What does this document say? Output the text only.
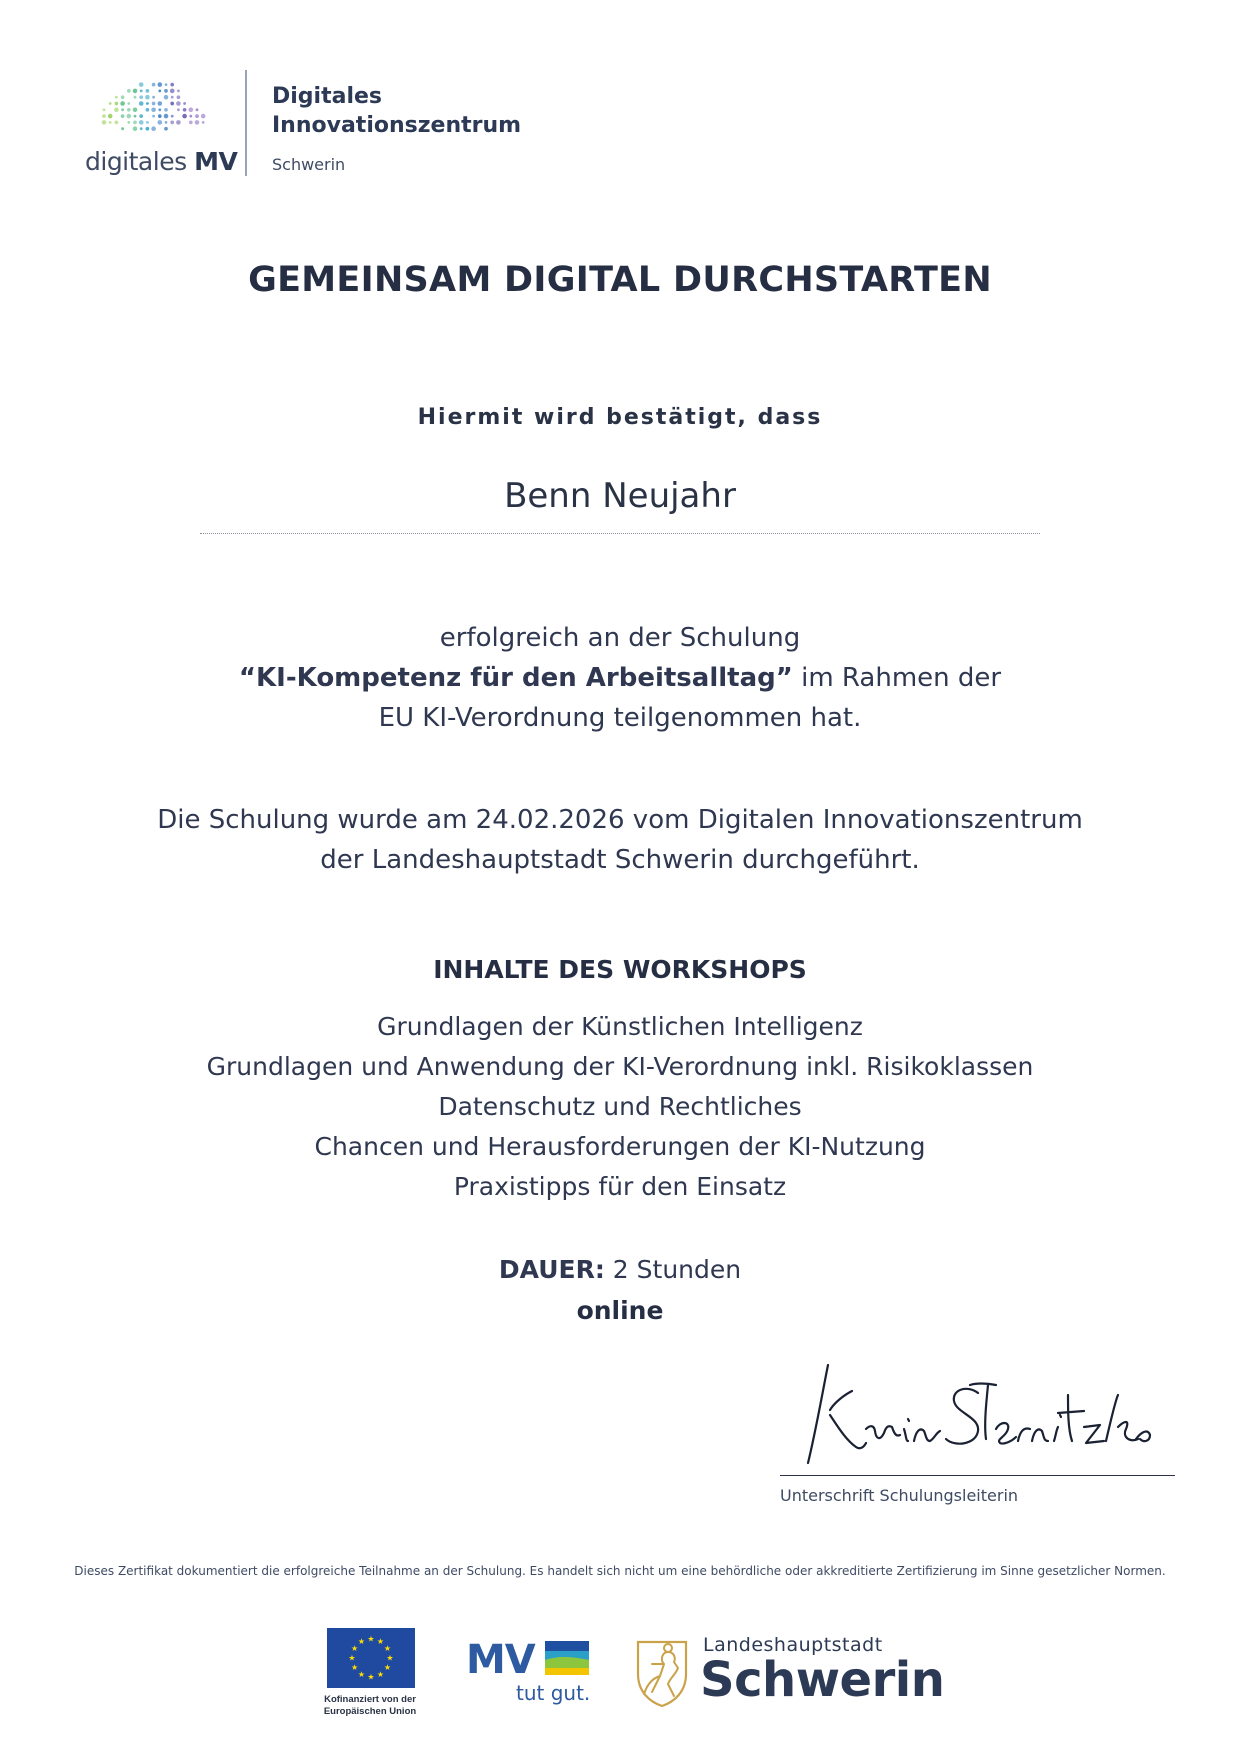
digitales MV
Digitales
Innovationszentrum
Schwerin
GEMEINSAM DIGITAL DURCHSTARTEN
Hiermit wird bestätigt, dass
Benn Neujahr
erfolgreich an der Schulung
“KI-Kompetenz für den Arbeitsalltag” im Rahmen der
EU KI-Verordnung teilgenommen hat.
Die Schulung wurde am 24.02.2026 vom Digitalen Innovationszentrum
der Landeshauptstadt Schwerin durchgeführt.
INHALTE DES WORKSHOPS
Grundlagen der Künstlichen Intelligenz
Grundlagen und Anwendung der KI-Verordnung inkl. Risikoklassen
Datenschutz und Rechtliches
Chancen und Herausforderungen der KI-Nutzung
Praxistipps für den Einsatz
DAUER: 2 Stunden
online
Unterschrift Schulungsleiterin
Dieses Zertifikat dokumentiert die erfolgreiche Teilnahme an der Schulung. Es handelt sich nicht um eine behördliche oder akkreditierte Zertifizierung im Sinne gesetzlicher Normen.
★
★
★
★
★
★
★
★
★ ★ ★
★
Kofinanziert von der
Europäischen Union
MV
tut gut.
Landeshauptstadt
Schwerin
